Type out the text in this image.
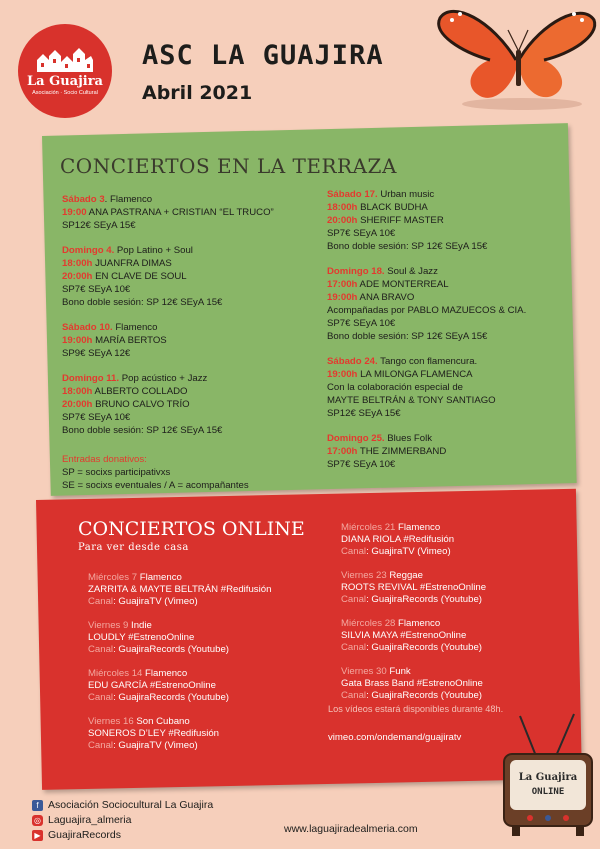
La Guajira
Asociación · Socio Cultural
ASC LA GUAJIRA
Abril 2021
CONCIERTOS EN LA TERRAZA
Sábado 3. Flamenco
19:00 ANA PASTRANA + CRISTIAN “EL TRUCO”
SP12€ SEyA 15€
Domingo 4. Pop Latino + Soul
18:00h JUANFRA DIMAS
20:00h EN CLAVE DE SOUL
SP7€ SEyA 10€
Bono doble sesión: SP 12€ SEyA 15€
Sábado 10. Flamenco
19:00h MARÍA BERTOS
SP9€ SEyA 12€
Domingo 11. Pop acústico + Jazz
18:00h ALBERTO COLLADO
20:00h BRUNO CALVO TRÍO
SP7€ SEyA 10€
Bono doble sesión: SP 12€ SEyA 15€
Sábado 17. Urban music
18:00h BLACK BUDHA
20:00h SHERIFF MASTER
SP7€ SEyA 10€
Bono doble sesión: SP 12€ SEyA 15€
Domingo 18. Soul & Jazz
17:00h ADE MONTERREAL
19:00h ANA BRAVO
Acompañadas por PABLO MAZUECOS & CIA.
SP7€ SEyA 10€
Bono doble sesión: SP 12€ SEyA 15€
Sábado 24. Tango con flamencura.
19:00h LA MILONGA FLAMENCA
Con la colaboración especial de
MAYTE BELTRÁN & TONY SANTIAGO
SP12€ SEyA 15€
Domingo 25. Blues Folk
17:00h THE ZIMMERBAND
SP7€ SEyA 10€
Entradas donativos:
SP = socixs participativxs
SE = socixs eventuales / A = acompañantes
CONCIERTOS ONLINE
Para ver desde casa
Miércoles 7 Flamenco
ZARRITA & MAYTE BELTRÁN #Redifusión
Canal: GuajiraTV (Vimeo)
Viernes 9 Indie
LOUDLY #EstrenoOnline
Canal: GuajiraRecords (Youtube)
Miércoles 14 Flamenco
EDU GARCÍA #EstrenoOnline
Canal: GuajiraRecords (Youtube)
Viernes 16 Son Cubano
SONEROS D’LEY #Redifusión
Canal: GuajiraTV (Vimeo)
Miércoles 21 Flamenco
DIANA RIOLA #Redifusión
Canal: GuajiraTV (Vimeo)
Viernes 23 Reggae
ROOTS REVIVAL #EstrenoOnline
Canal: GuajiraRecords (Youtube)
Miércoles 28 Flamenco
SILVIA MAYA #EstrenoOnline
Canal: GuajiraRecords (Youtube)
Viernes 30 Funk
Gata Brass Band #EstrenoOnline
Canal: GuajiraRecords (Youtube)
Los vídeos estará disponibles durante 48h.
vimeo.com/ondemand/guajiratv
La Guajira
ONLINE
f Asociación Sociocultural La Guajira
◎ Laguajira_almeria
▶ GuajiraRecords	www.laguajiradealmeria.com
